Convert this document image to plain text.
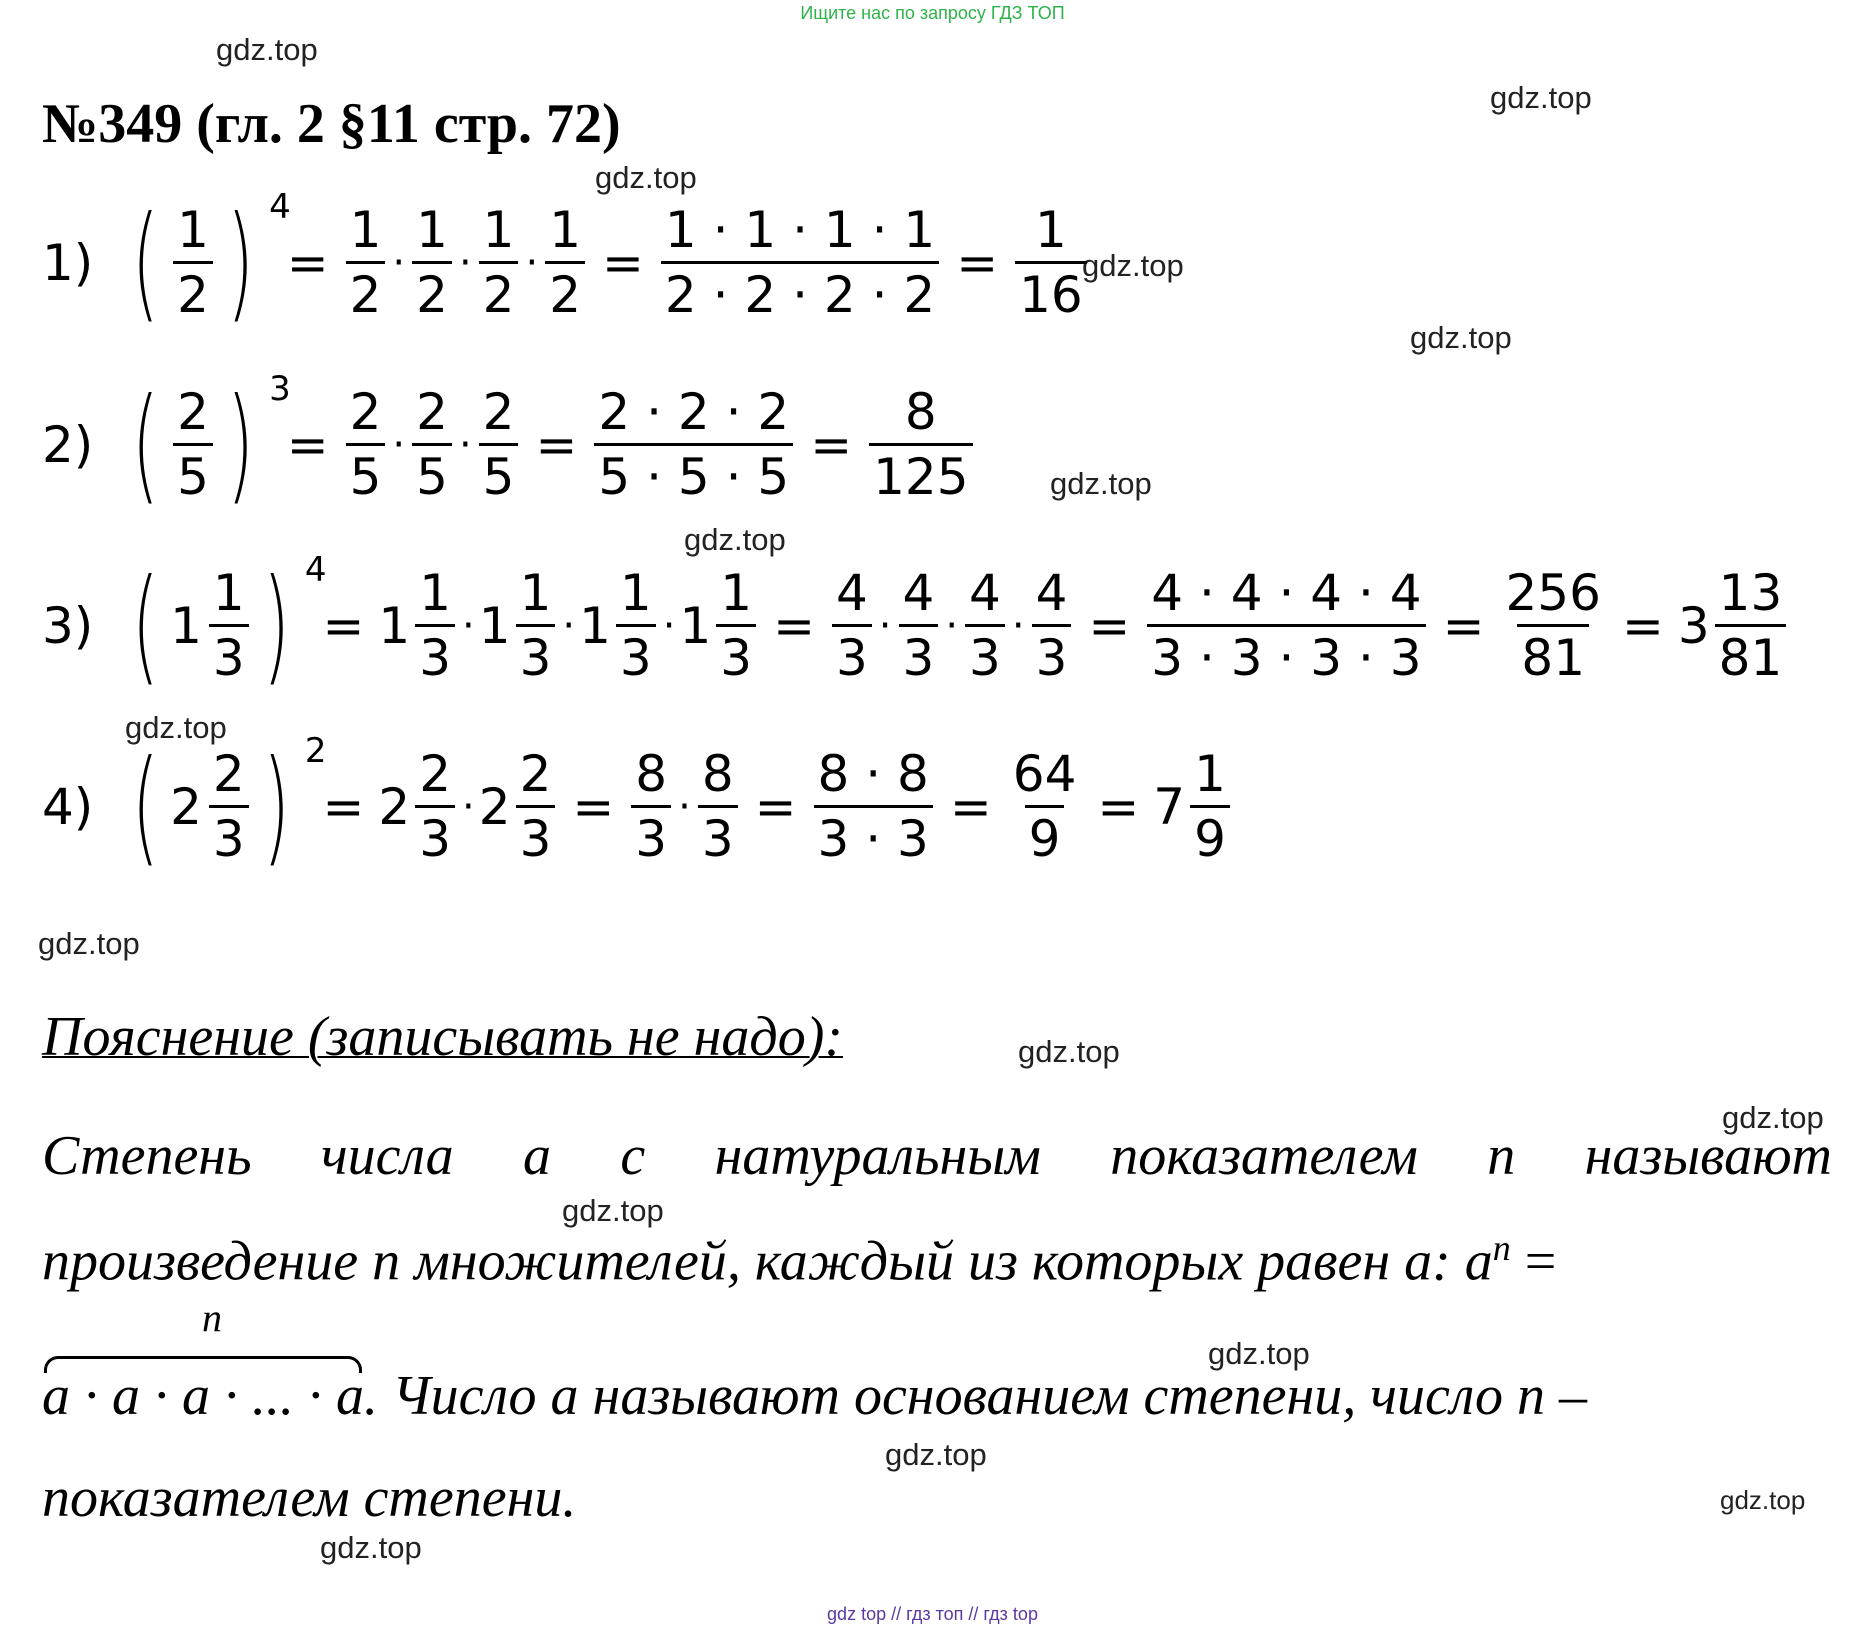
Ищите нас по запросу ГДЗ ТОП
gdz.top
gdz.top
gdz.top
gdz.top
gdz.top
gdz.top
gdz.top
gdz.top
gdz.top
gdz.top
gdz.top
gdz.top
gdz.top
gdz.top
gdz.top
gdz.top
№349 (гл. 2 §11 стр. 72)
1) ( $\frac{1}{2}$ ) 4
= $\frac{1}{2} \cdot \frac{1}{2} \cdot \frac{1}{2} \cdot \frac{1}{2} = \frac{1 \cdot 1 \cdot 1 \cdot 1}{2 \cdot 2 \cdot 2 \cdot 2} = \frac{1}{16}$
2) ( $\frac{2}{5}$ ) 3
= $\frac{2}{5} \cdot \frac{2}{5} \cdot \frac{2}{5} = \frac{2 \cdot 2 \cdot 2}{5 \cdot 5 \cdot 5} = \frac{8}{125}$
3) ( $1 \frac{1}{3}$ ) 4
= $1 \frac{1}{3} \cdot 1 \frac{1}{3} \cdot 1 \frac{1}{3} \cdot 1 \frac{1}{3} = \frac{4}{3} \cdot \frac{4}{3} \cdot \frac{4}{3} \cdot \frac{4}{3} = \frac{4 \cdot 4 \cdot 4 \cdot 4}{3 \cdot 3 \cdot 3 \cdot 3} = \frac{256}{81} = 3 \frac{13}{81}$
4) ( $2 \frac{2}{3}$ ) 2
= $2 \frac{2}{3} \cdot 2 \frac{2}{3} = \frac{8}{3} \cdot \frac{8}{3} = \frac{8 \cdot 8}{3 \cdot 3} = \frac{64}{9} = 7 \frac{1}{9}$
Пояснение (записывать не надо):
Степень числа a с натуральным показателем n называют
произведение n множителей, каждый из которых равен a: $a^n$ =
n
a · a · a · ... · a. Число a называют основанием степени, число n –
показателем степени.
gdz top // гдз топ // гдз top
